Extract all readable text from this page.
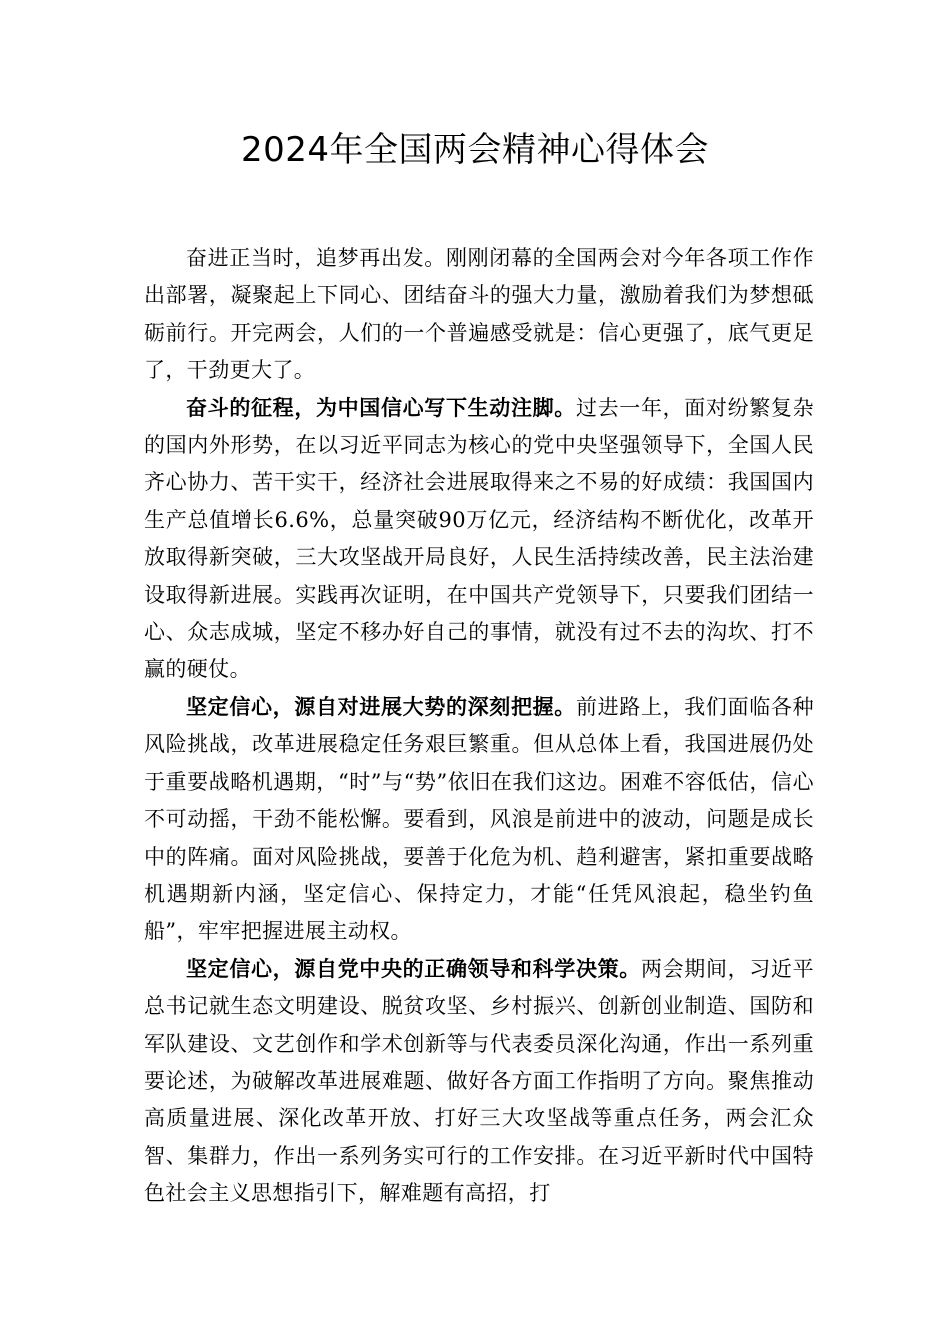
2024年全国两会精神心得体会

奋进正当时，追梦再出发。刚刚闭幕的全国两会对今年各项工作作出部署，凝聚起上下同心、团结奋斗的强大力量，激励着我们为梦想砥砺前行。开完两会，人们的一个普遍感受就是：信心更强了，底气更足了，干劲更大了。

奋斗的征程，为中国信心写下生动注脚。过去一年，面对纷繁复杂的国内外形势，在以习近平同志为核心的党中央坚强领导下，全国人民齐心协力、苦干实干，经济社会进展取得来之不易的好成绩：我国国内生产总值增长6.6%，总量突破90万亿元，经济结构不断优化，改革开放取得新突破，三大攻坚战开局良好，人民生活持续改善，民主法治建设取得新进展。实践再次证明，在中国共产党领导下，只要我们团结一心、众志成城，坚定不移办好自己的事情，就没有过不去的沟坎、打不赢的硬仗。

坚定信心，源自对进展大势的深刻把握。前进路上，我们面临各种风险挑战，改革进展稳定任务艰巨繁重。但从总体上看，我国进展仍处于重要战略机遇期，“时”与“势”依旧在我们这边。困难不容低估，信心不可动摇，干劲不能松懈。要看到，风浪是前进中的波动，问题是成长中的阵痛。面对风险挑战，要善于化危为机、趋利避害，紧扣重要战略机遇期新内涵，坚定信心、保持定力，才能“任凭风浪起，稳坐钓鱼船”，牢牢把握进展主动权。

坚定信心，源自党中央的正确领导和科学决策。两会期间，习近平总书记就生态文明建设、脱贫攻坚、乡村振兴、创新创业制造、国防和军队建设、文艺创作和学术创新等与代表委员深化沟通，作出一系列重要论述，为破解改革进展难题、做好各方面工作指明了方向。聚焦推动高质量进展、深化改革开放、打好三大攻坚战等重点任务，两会汇众智、集群力，作出一系列务实可行的工作安排。在习近平新时代中国特色社会主义思想指引下，解难题有高招，打
